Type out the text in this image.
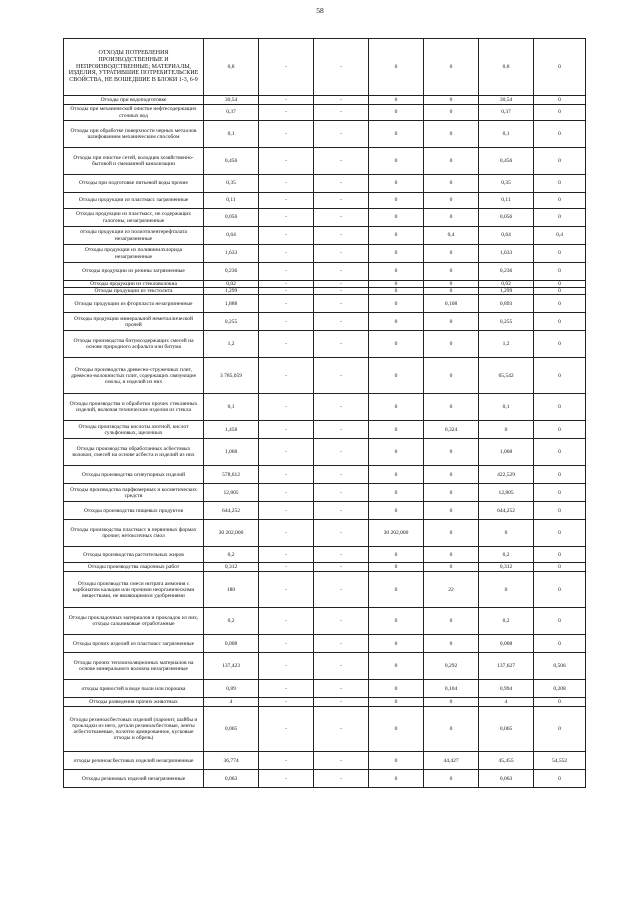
58
ОТХОДЫ ПОТРЕБЛЕНИЯ ПРОИЗВОДСТВЕННЫЕ И НЕПРОИЗВОДСТВЕННЫЕ; МАТЕРИАЛЫ, ИЗДЕЛИЯ, УТРАТИВШИЕ ПОТРЕБИТЕЛЬСКИЕ СВОЙСТВА, НЕ ВОШЕДШИЕ В БЛОКИ 1-3, 6-9	0,8	-	-	0	0	0,8	0
Отходы при водоподготовке	30,54	-	-	0	0	30,54	0
Отходы при механической очистке нефтесодержащих сточных вод	0,37	-	-	0	0	0,37	0
Отходы при обработке поверхности черных металлов шлифованием механическим способом	0,1	-	-	0	0	0,1	0
Отходы при очистке сетей, колодцев хозяйственно-бытовой и смешанной канализации	0,456	-	-	0	0	0,456	0
Отходы при подготовке питьевой воды прочие	0,35	-	-	0	0	0,35	0
Отходы продукции из пластмасс загрязненные	0,11	-	-	0	0	0,11	0
Отходы продукции из пластмасс, не содержащих галогены, незагрязненные	0,056	-	-	0	0	0,056	0
отходы продукции из полиэтилентерефталата незагрязненные	0,64	-	-	0	0,4	0,64	0,4
Отходы продукции из поливинилхлорида незагрязненные	1,633	-	-	0	0	1,633	0
Отходы продукции из резины загрязненные	0,236	-	-	0	0	0,236	0
Отходы продукции из стекловолокна	0,02	-	-	0	0	0,02	0
Отходы продукции из текстолита	1,299	-	-	0	0	1,299	0
Отходы продукции из фторпласта незагрязненные	1,888	-	-	0	0,108	0,893	0
Отходы продукции минеральной неметаллической прочей	0,255	-	-	0	0	0,255	0
Отходы производства битумсодержащих смесей на основе природного асфальта или битума	1,2	-	-	0	0	1,2	0
Отходы производства древесно-стружечных плит, древесно-волокнистых плит, содержащих связующие смолы, и изделий из них	3 785,059	-	-	0	0	65,542	0
Отходы производства и обработки прочих стеклянных изделий, включая технические изделия из стекла	0,1	-	-	0	0	0,1	0
Отходы производства кислоты азотной, кислот сульфоновых, щелочных	1,458	-	-	0	0,324	0	0
Отходы производства обработанных асбестовых волокон, смесей на основе асбеста и изделий из них	1,068	-	-	0	0	1,068	0
Отходы производства огнеупорных изделий	578,612	-	-	0	0	422,529	0
Отходы производства парфюмерных и косметических средств	12,805	-	-	0	0	12,805	0
Отходы производства пищевых продуктов	644,252	-	-	0	0	644,252	0
Отходы производства пластмасс в первичных формах прочие; нетоксичных смол	30 202,000	-	-	30 202,000	0	0	0
Отходы производства растительных жиров	0,2	-	-	0	0	0,2	0
Отходы производства сварочных работ	0,312	-	-	0	0	0,312	0
Отходы производства смеси нитрата аммония с карбонатом кальция или прочими неорганическими веществами, не являющимися удобрениями	180	-	-	0	22	0	0
Отходы прокладочных материалов и прокладок из них, отходы сальниковые отработанные	0,2	-	-	0	0	0,2	0
Отходы прочих изделий из пластмасс загрязненные	0,008	-	-	0	0	0,008	0
Отходы прочих теплоизоляционных материалов на основе минерального волокна незагрязненные	137,423	-	-	0	0,292	137,627	0,506
отходы пряностей в виде пыли или порошка	0,89	-	-	0	0,104	0,994	0,208
Отходы разведения прочих животных	4	-	-	0	0	4	0
Отходы резиноасбестовых изделий (паронит, шайбы и прокладки из него, детали резиноасбестовые, ленты асбестотканевые, полотно армированное, кусковые отходы и обрезь)	0,065	-	-	0	0	0,065	0
отходы резиноасбестовых изделий незагрязненные	36,774	-	-	0	44,427	45,455	54,552
Отходы резиновых изделий незагрязненные	0,063	-	-	0	0	0,063	0
